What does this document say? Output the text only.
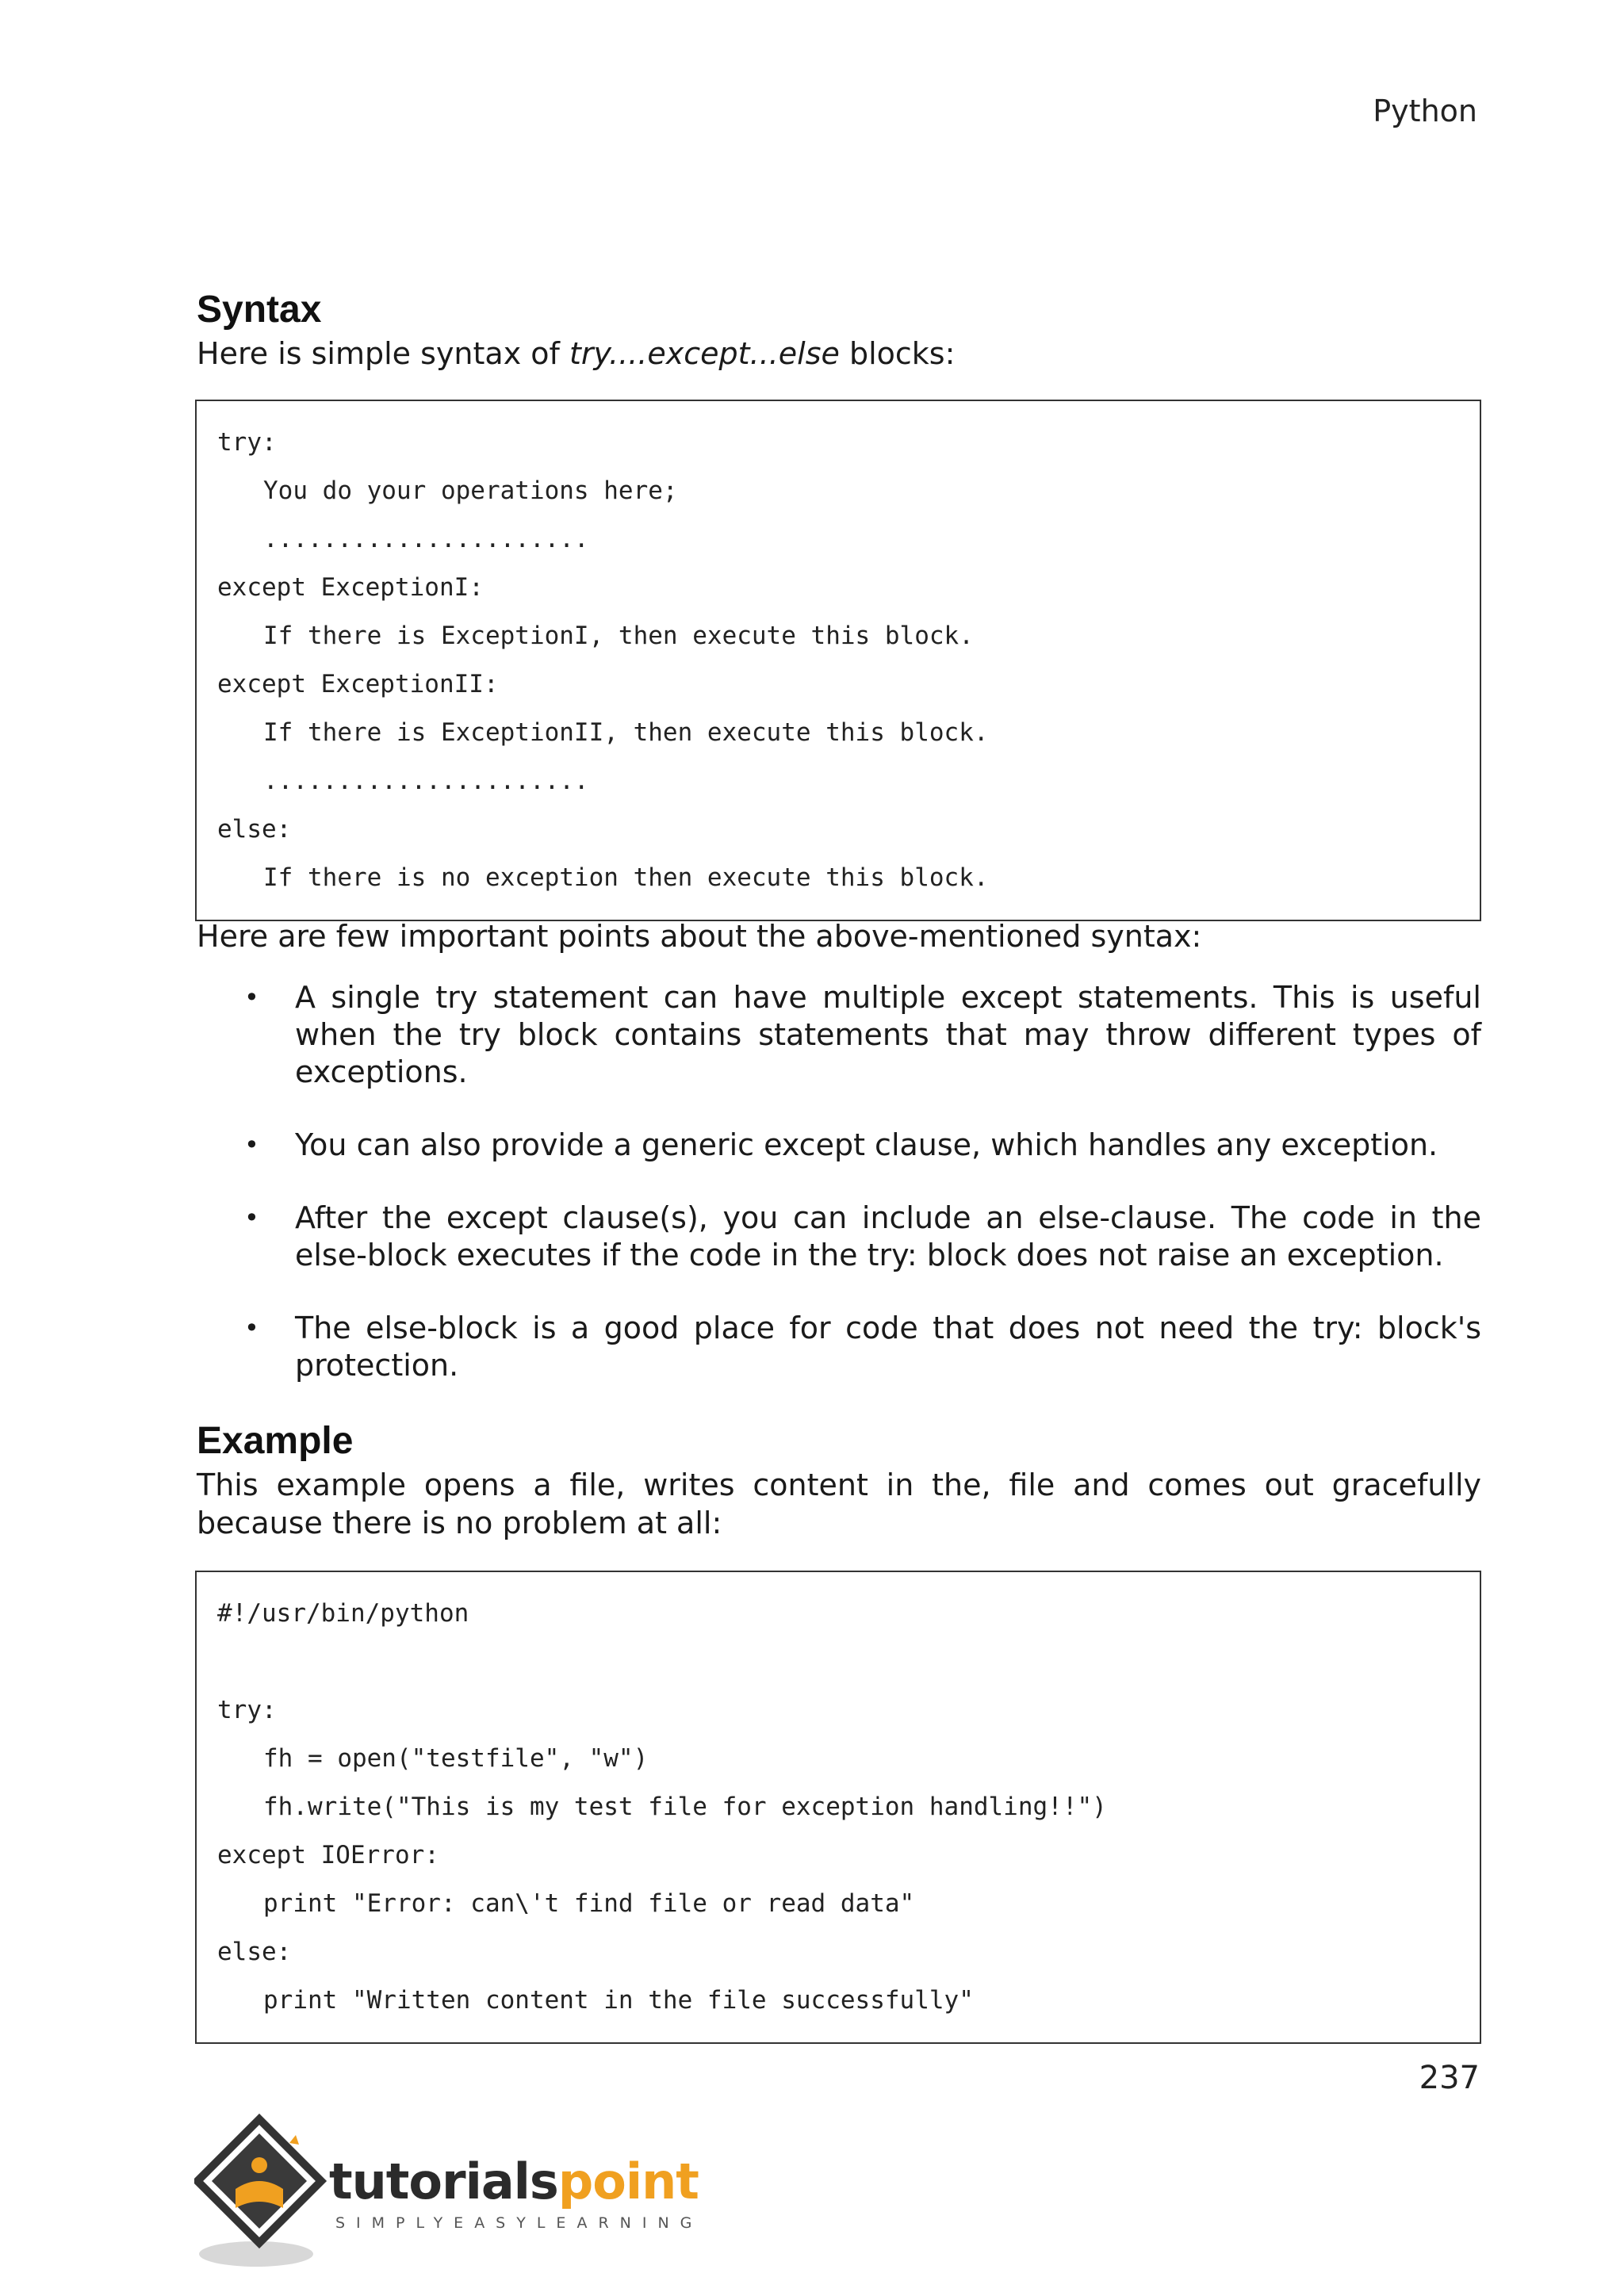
Python
Syntax

Here is simple syntax of try....except...else blocks:

try:
You do your operations here;
......................
except ExceptionI:
If there is ExceptionI, then execute this block.
except ExceptionII:
If there is ExceptionII, then execute this block.
......................
else:
If there is no exception then execute this block.

Here are few important points about the above-mentioned syntax:

• A single try statement can have multiple except statements. This is useful when the try block contains statements that may throw different types of exceptions.
• You can also provide a generic except clause, which handles any exception.
• After the except clause(s), you can include an else-clause. The code in the else-block executes if the code in the try: block does not raise an exception.
• The else-block is a good place for code that does not need the try: block's protection.
Example

This example opens a file, writes content in the, file and comes out gracefully because there is no problem at all:

#!/usr/bin/python
try:
fh = open("testfile", "w")
fh.write("This is my test file for exception handling!!")
except IOError:
print "Error: can\'t find file or read data"
else:
print "Written content in the file successfully"
237
tutorialspoint
SIMPLYEASYLEARNING
